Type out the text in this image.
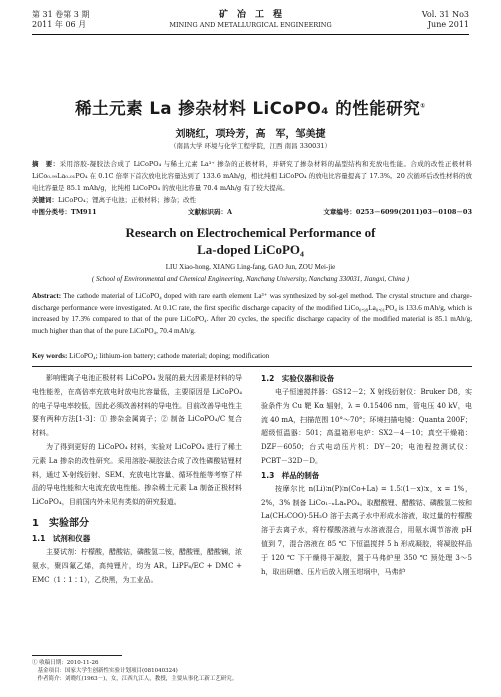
第 31 卷第 3 期
2011 年 06 月
矿　冶　工　程
MINING AND METALLURGICAL ENGINEERING
Vol. 31 No3
June 2011
稀土元素 La 掺杂材料 LiCoPO₄ 的性能研究①
刘晓红，项玲芳，高　军，邹美捷
（南昌大学 环境与化学工程学院，江西 南昌 330031）
摘　要：采用溶胶-凝胶法合成了 LiCoPO₄ 与稀土元素 La³⁺ 掺杂的正极材料，并研究了掺杂材料的晶型结构和充放电性能。合成的改性正极材料 LiCo₀.₉₉La₀.₀₁PO₄ 在 0.1C 倍率下首次放电比容量达到了 133.6 mAh/g，相比纯相 LiCoPO₄ 的放电比容量提高了 17.3%。20 次循环后改性材料的放电比容量是 85.1 mAh/g，比纯相 LiCoPO₄ 的放电比容量 70.4 mAh/g 有了较大提高。
关键词：LiCoPO₄；锂离子电池；正极材料；掺杂；改性
中图分类号：TM911	文献标识码：A	文章编号：0253－6099(2011)03－0108－03
Research on Electrochemical Performance of
La-doped LiCoPO₄
LIU Xiao-hong, XIANG Ling-fang, GAO Jun, ZOU Mei-jie
( School of Environmental and Chemical Engineering, Nanchang University, Nanchang 330031, Jiangxi, China )
Abstract: The cathode material of LiCoPO₄ doped with rare earth element La³⁺ was synthesized by sol-gel method. The crystal structure and charge-discharge performance were investigated. At 0.1C rate, the first specific discharge capacity of the modified LiCo₀.₉₉La₀.₀₁PO₄ is 133.6 mAh/g, which is increased by 17.3% compared to that of the pure LiCoPO₄. After 20 cycles, the specific discharge capacity of the modified material is 85.1 mAh/g, much higher than that of the pure LiCoPO₄, 70.4 mAh/g.
Key words: LiCoPO₄; lithium-ion battery; cathode material; doping; modification

影响锂离子电池正极材料 LiCoPO₄ 发展的最大因素是材料的导电性能差，在高倍率充放电时放电比容量低，主要原因是 LiCoPO₄ 的电子导电率较低，因此必须改善材料的导电性。目前改善导电性主要有两种方法[1-3]：① 掺杂金属离子；② 制备 LiCoPO₄/C 复合材料。

为了得到更好的 LiCoPO₄ 材料，实验对 LiCoPO₄ 进行了稀土元素 La 掺杂的改性研究。采用溶胶-凝胶法合成了改性磷酸钴锂材料，通过 X-射线衍射、SEM、充放电比容量、循环性能等考察了样品的导电性能和大电流充放电性能。掺杂稀土元素 La 制备正极材料 LiCoPO₄，目前国内外未见有类似的研究报道。

1　实验部分
1.1　试剂和仪器

主要试剂：柠檬酸，醋酸钴，磷酸氢二铵，醋酸锂，醋酸镧，浓氨水，聚四氟乙烯，高纯锂片，均为 AR。LiPF₆/EC + DMC + EMC（1∶1∶1），乙炔黑，为工业品。

1.2　实验仪器和设备

电子恒速搅拌器：GS12－2；X 射线衍射仪：Bruker D8，实验条件为 Cu 靶 Kα 辐射，λ = 0.15406 nm，管电压 40 kV，电流 40 mA，扫描范围 10°～70°；环境扫描电镜：Quanta 200F；超级恒温器：501；高温箱形电炉：SX2－4－10；真空干燥箱：DZF－6050；台式电动压片机：DY－20；电池程控测试仪：PCBT－32D－D。

1.3　样品的制备

按摩尔比 n(Li)∶n(P)∶n(Co+La) = 1.5∶(1－x)∶x，x = 1%，2%，3% 制备 LiCo₁₋ₓLaₓPO₄。取醋酸锂、醋酸钴、磷酸氢二铵和 La(CH₃COO)·5H₂O 溶于去离子水中形成水溶液，取过量的柠檬酸溶于去离子水，将柠檬酸溶液与水溶液混合，用氨水调节溶液 pH 值到 7，混合溶液在 85 ℃ 下恒温搅拌 5 h 形成凝胶，将凝胶样品于 120 ℃ 下干燥得干凝胶，置于马弗炉里 350 ℃ 预处理 3～5 h，取出研磨、压片后放入刚玉坩埚中，马弗炉

① 收稿日期：2010-11-26
　基金项目：国家大学生创新性实验计划项目(081040324)
　作者简介：刘晓红(1963－)，女，江西九江人，教授，主要从事化工新工艺研究。
